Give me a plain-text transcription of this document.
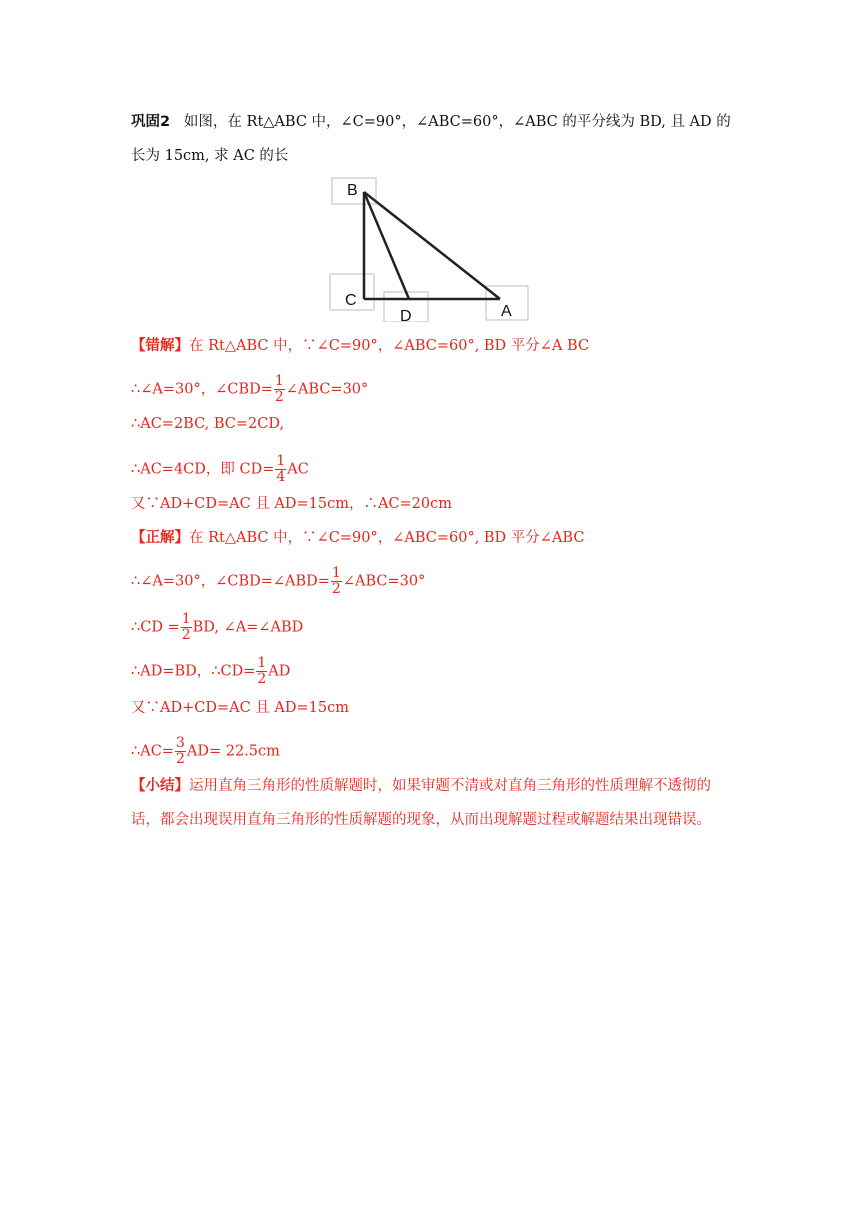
巩固2 如图，在 Rt△ABC 中，∠C=90°，∠ABC=60°，∠ABC 的平分线为 BD, 且 AD 的
长为 15cm, 求 AC 的长
B
C
D	A
【错解】在 Rt△ABC 中，∵∠C=90°，∠ABC=60°, BD 平分∠A BC
∴∠A=30°，∠CBD= $\frac{1}{2}$ ∠ABC=30°
∴AC=2BC, BC=2CD,
∴AC=4CD，即 $CD= \frac{1}{4}$ AC
又∵AD+CD=AC 且 AD=15cm，∴AC=20cm
【正解】在 Rt△ABC 中，∵∠C=90°，∠ABC=60°, BD 平分∠ABC
∴∠A=30°，∠CBD=∠ABD= $\frac{1}{2}$ ∠ABC=30°
∴CD = $\frac{1}{2}$ BD, ∠A=∠ABD
∴AD=BD，∴CD= $\frac{1}{2}$ AD
又∵AD+CD=AC 且 AD=15cm
∴AC= $\frac{3}{2} AD= 22.5cm$
【小结】运用直角三角形的性质解题时，如果审题不清或对直角三角形的性质理解不透彻的
话，都会出现误用直角三角形的性质解题的现象，从而出现解题过程或解题结果出现错误。
